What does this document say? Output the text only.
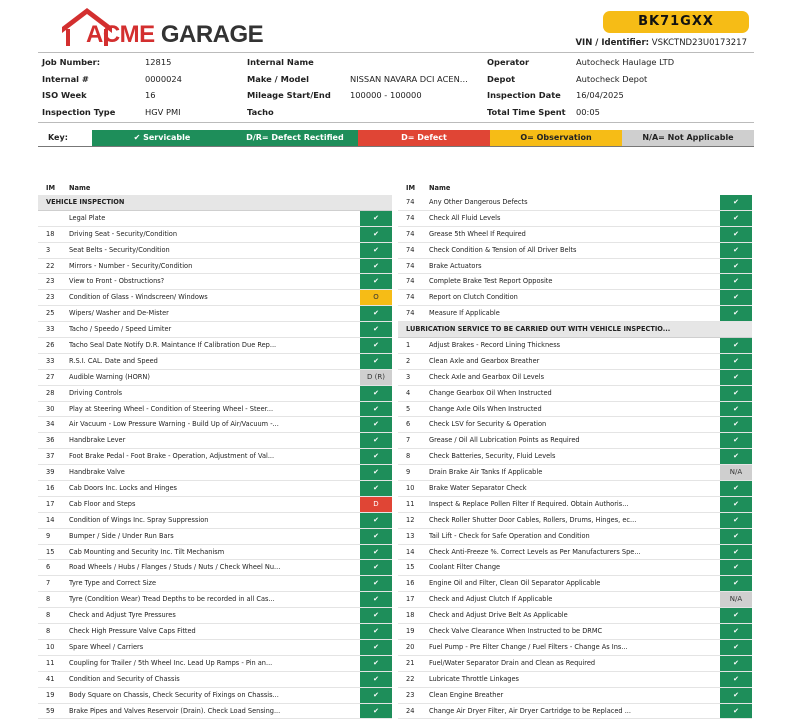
ACME GARAGE	BK71GXX
VIN / Identifier: VSKCTND23U0173217
Job Number:	12815
Internal #	0000024
ISO Week	16
Inspection Type	HGV PMI
Internal Name
Make / Model	NISSAN NAVARA DCI ACEN...
Mileage Start/End 100000 - 100000
Tacho
Operator	Autocheck Haulage LTD
Depot	Autocheck Depot
Inspection Date 16/04/2025
Total Time Spent 00:05
Key:	✔ Servicable	D/R= Defect Rectified	D= Defect	O= Observation	N/A= Not Applicable
IM	Name
VEHICLE INSPECTION
Legal Plate	✔
18	Driving Seat - Security/Condition	✔
3	Seat Belts - Security/Condition	✔
22	Mirrors - Number - Security/Condition	✔
23	View to Front - Obstructions?	✔
23	Condition of Glass - Windscreen/ Windows	O
25	Wipers/ Washer and De-Mister	✔
33	Tacho / Speedo / Speed Limiter	✔
26	Tacho Seal Date Notify D.R. Maintance If Calibration Due Rep...	✔
33	R.S.I. CAL. Date and Speed	✔
27	Audible Warning (HORN)	D (R)
28	Driving Controls	✔
30	Play at Steering Wheel - Condition of Steering Wheel - Steer...	✔
34	Air Vacuum - Low Pressure Warning - Build Up of Air/Vacuum -...	✔
36	Handbrake Lever	✔
37	Foot Brake Pedal - Foot Brake - Operation, Adjustment of Val...	✔
39	Handbrake Valve	✔
16	Cab Doors Inc. Locks and Hinges	✔
17	Cab Floor and Steps	D
14	Condition of Wings Inc. Spray Suppression	✔
9	Bumper / Side / Under Run Bars	✔
15	Cab Mounting and Security Inc. Tilt Mechanism	✔
6	Road Wheels / Hubs / Flanges / Studs / Nuts / Check Wheel Nu...	✔
7	Tyre Type and Correct Size	✔
8	Tyre (Condition Wear) Tread Depths to be recorded in all Cas...	✔
8	Check and Adjust Tyre Pressures	✔
8	Check High Pressure Valve Caps Fitted	✔
10	Spare Wheel / Carriers	✔
11	Coupling for Trailer / 5th Wheel Inc. Lead Up Ramps - Pin an...	✔
41	Condition and Security of Chassis	✔
19	Body Square on Chassis, Check Security of Fixings on Chassis...	✔
59	Brake Pipes and Valves Reservoir (Drain). Check Load Sensing...	✔
IM	Name
74	Any Other Dangerous Defects	✔
74	Check All Fluid Levels	✔
74	Grease 5th Wheel If Required	✔
74	Check Condition & Tension of All Driver Belts	✔
74	Brake Actuators	✔
74	Complete Brake Test Report Opposite	✔
74	Report on Clutch Condition	✔
74	Measure If Applicable	✔
LUBRICATION SERVICE TO BE CARRIED OUT WITH VEHICLE INSPECTIO...
1	Adjust Brakes - Record Lining Thickness	✔
2	Clean Axle and Gearbox Breather	✔
3	Check Axle and Gearbox Oil Levels	✔
4	Change Gearbox Oil When Instructed	✔
5	Change Axle Oils When Instructed	✔
6	Check LSV for Security & Operation	✔
7	Grease / Oil All Lubrication Points as Required	✔
8	Check Batteries, Security, Fluid Levels	✔
9	Drain Brake Air Tanks If Applicable	N/A
10	Brake Water Separator Check	✔
11	Inspect & Replace Pollen Filter If Required. Obtain Authoris...	✔
12	Check Roller Shutter Door Cables, Rollers, Drums, Hinges, ec...	✔
13	Tail Lift - Check for Safe Operation and Condition	✔
14	Check Anti-Freeze %. Correct Levels as Per Manufacturers Spe...	✔
15	Coolant Filter Change	✔
16	Engine Oil and Filter, Clean Oil Separator Applicable	✔
17	Check and Adjust Clutch If Applicable	N/A
18	Check and Adjust Drive Belt As Applicable	✔
19	Check Valve Clearance When Instructed to be DRMC	✔
20	Fuel Pump - Pre Filter Change / Fuel Filters - Change As Ins...	✔
21	Fuel/Water Separator Drain and Clean as Required	✔
22	Lubricate Throttle Linkages	✔
23	Clean Engine Breather	✔
24	Change Air Dryer Filter, Air Dryer Cartridge to be Replaced ...	✔
